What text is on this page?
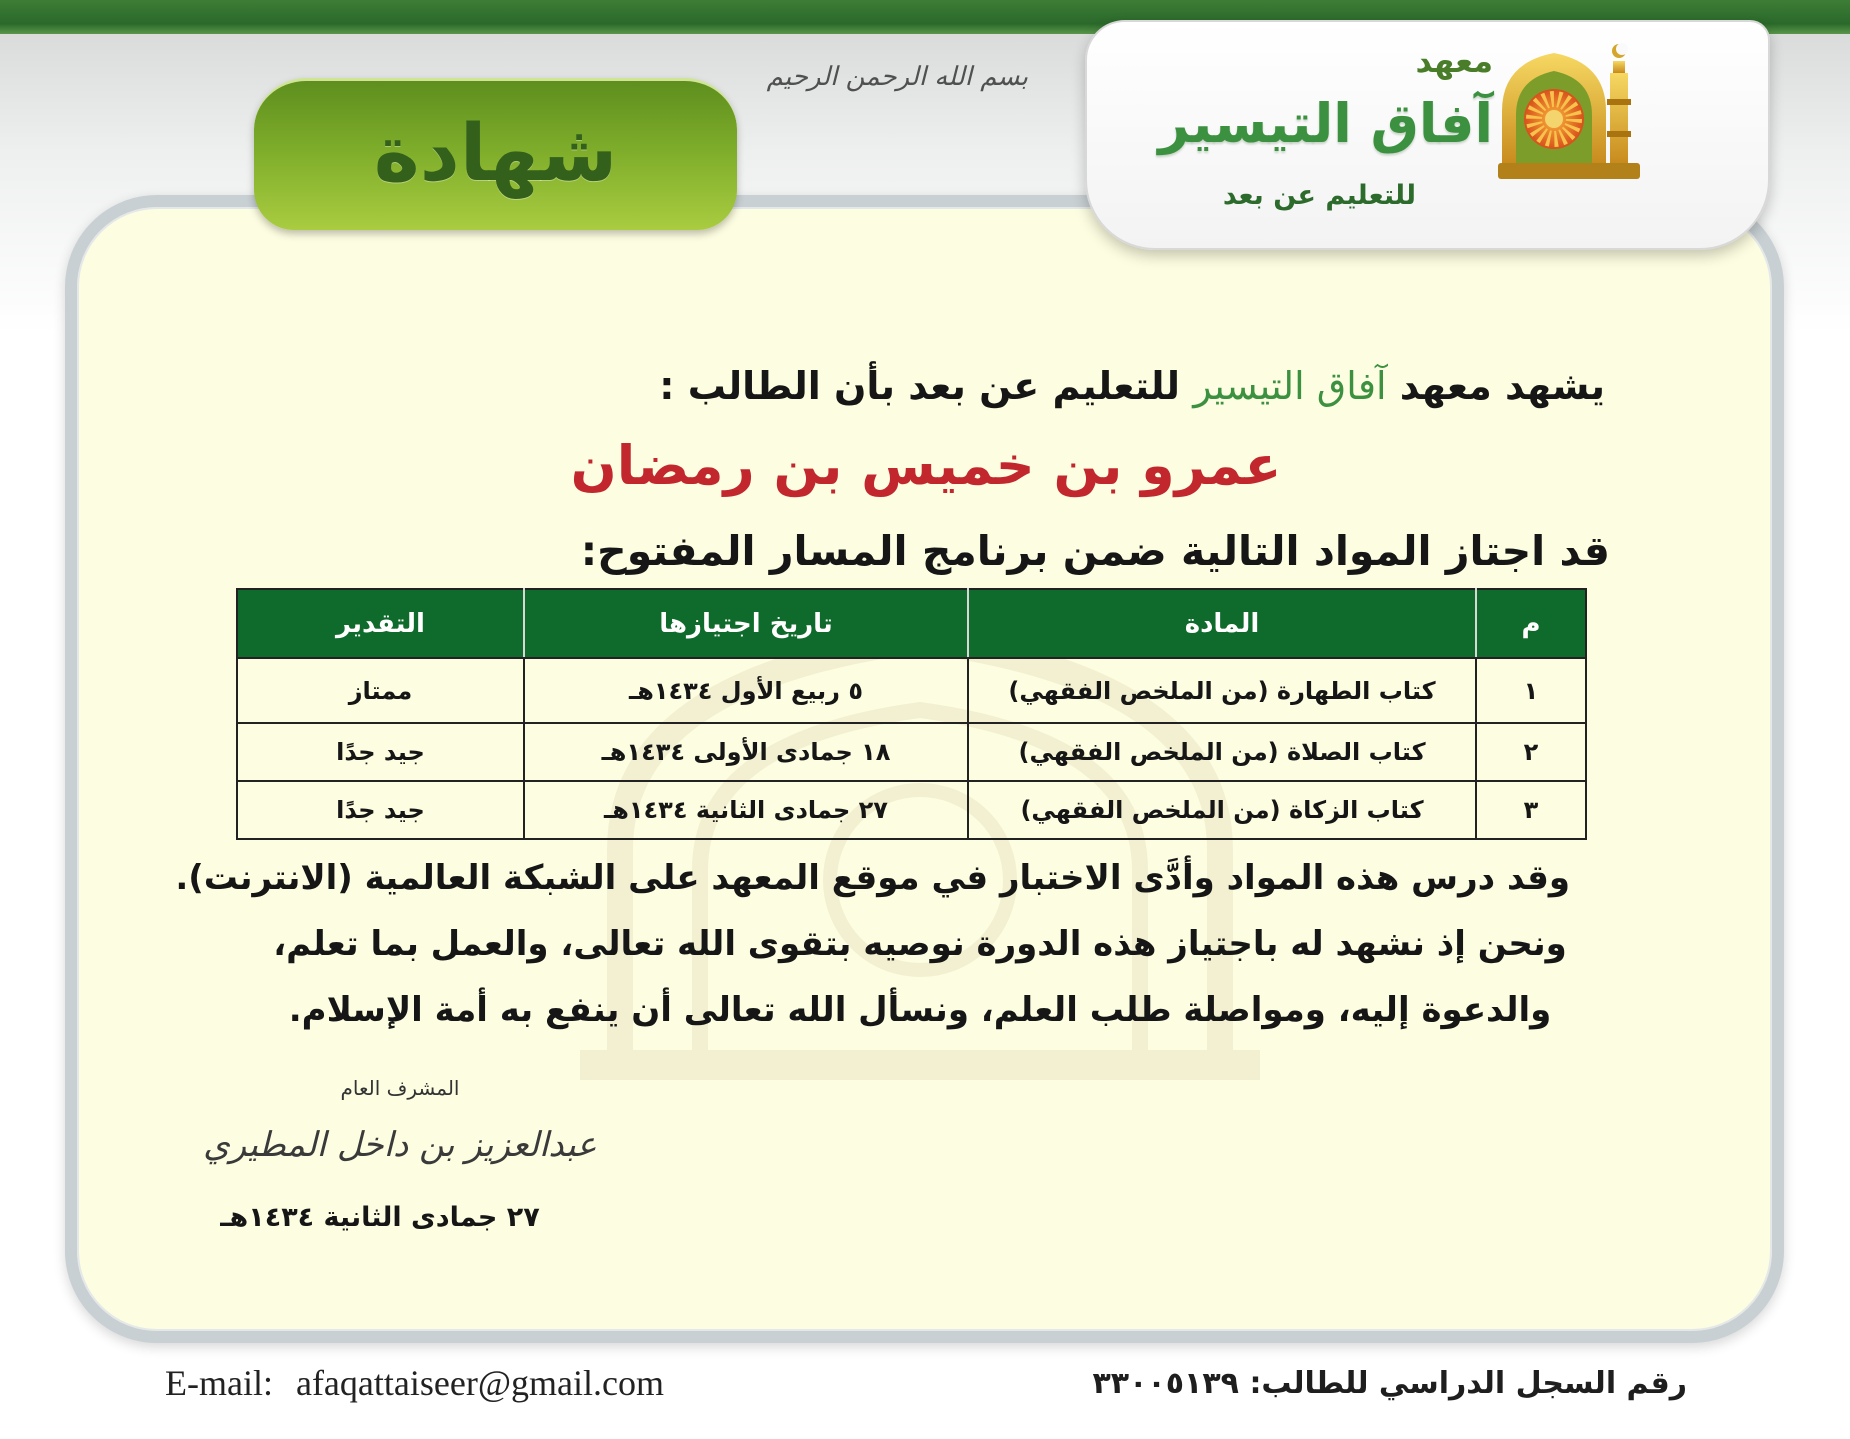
شهادة
بسم الله الرحمن الرحيم	معهد
آفاق التيسير
للتعليم عن بعد
يشهد معهد آفاق التيسير للتعليم عن بعد بأن الطالب :
عمرو بن خميس بن رمضان
قد اجتاز المواد التالية ضمن برنامج المسار المفتوح:
م	المادة	تاريخ اجتيازها	التقدير
١	كتاب الطهارة (من الملخص الفقهي)	٥ ربيع الأول ١٤٣٤هـ	ممتاز
٢	كتاب الصلاة (من الملخص الفقهي)	١٨ جمادى الأولى ١٤٣٤هـ	جيد جدًا
٣	كتاب الزكاة (من الملخص الفقهي)	٢٧ جمادى الثانية ١٤٣٤هـ	جيد جدًا
وقد درس هذه المواد وأدَّى الاختبار في موقع المعهد على الشبكة العالمية (الانترنت).
ونحن إذ نشهد له باجتياز هذه الدورة نوصيه بتقوى الله تعالى، والعمل بما تعلم،
والدعوة إليه، ومواصلة طلب العلم، ونسأل الله تعالى أن ينفع به أمة الإسلام.
المشرف العام
عبدالعزيز بن داخل المطيري
٢٧ جمادى الثانية ١٤٣٤هـ
E-mail: afaqattaiseer@gmail.com	رقم السجل الدراسي للطالب: ٣٣٠٠٥١٣٩
